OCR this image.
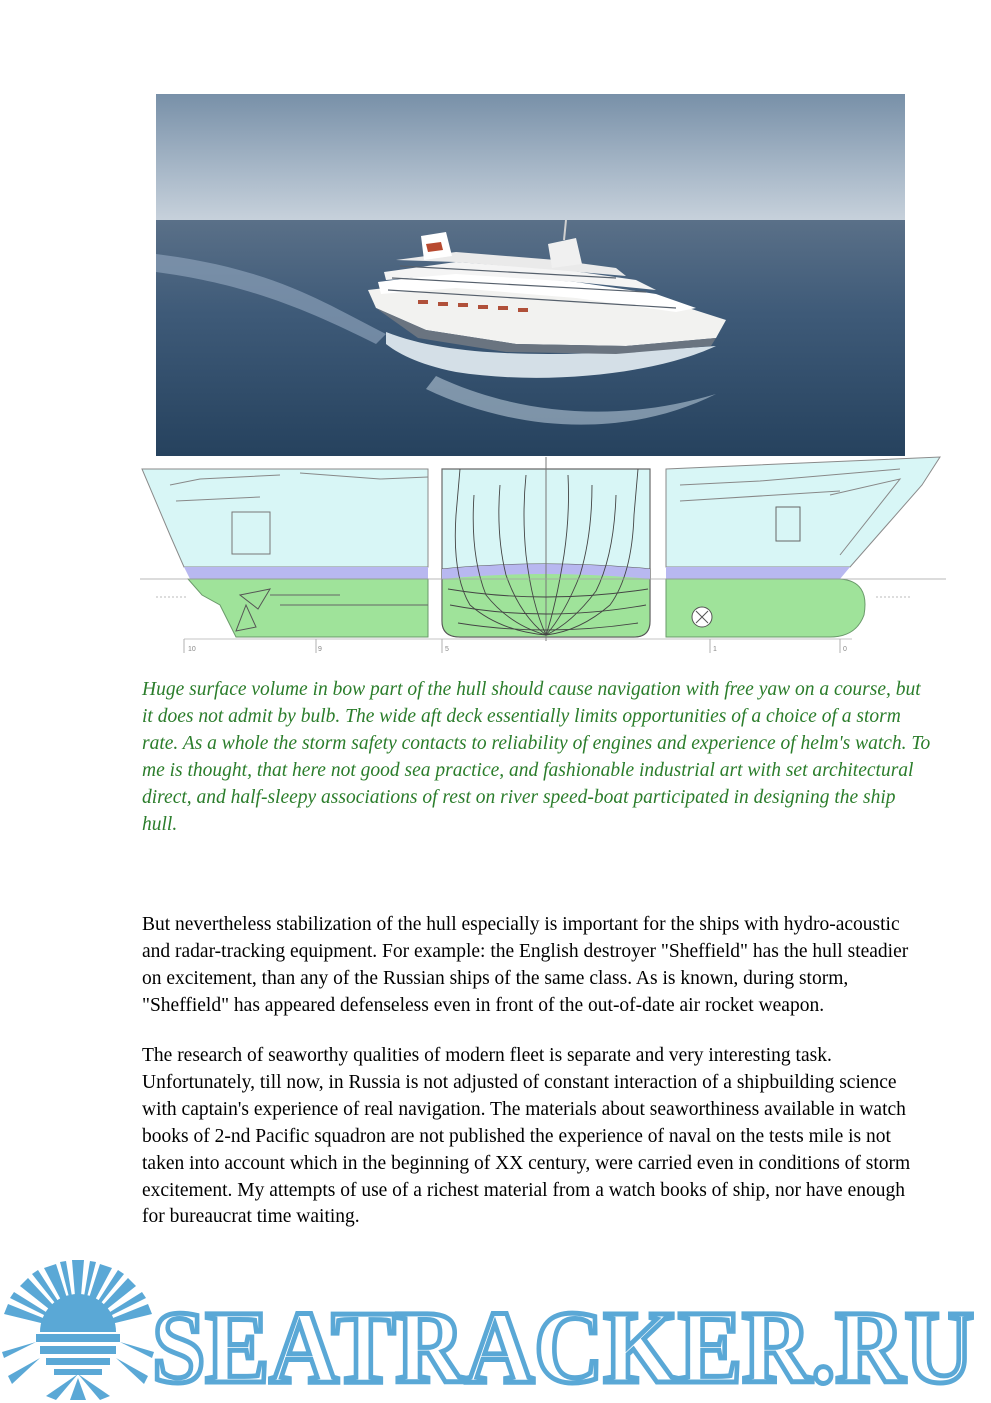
10	9	5	1	0

Huge surface volume in bow part of the hull should cause navigation with free yaw on a course, but it does not admit by bulb. The wide aft deck essentially limits opportunities of a choice of a storm rate. As a whole the storm safety contacts to reliability of engines and experience of helm's watch. To me is thought, that here not good sea practice, and fashionable industrial art with set architectural direct, and half-sleepy associations of rest on river speed-boat participated in designing the ship hull.

But nevertheless stabilization of the hull especially is important for the ships with hydro-acoustic and radar-tracking equipment. For example: the English destroyer "Sheffield" has the hull steadier on excitement, than any of the Russian ships of the same class. As is known, during storm, "Sheffield" has appeared defenseless even in front of the out-of-date air rocket weapon.

The research of seaworthy qualities of modern fleet is separate and very interesting task. Unfortunately, till now, in Russia is not adjusted of constant interaction of a shipbuilding science with captain's experience of real navigation. The materials about seaworthiness available in watch books of 2-nd Pacific squadron are not published the experience of naval on the tests mile is not taken into account which in the beginning of XX century, were carried even in conditions of storm excitement. My attempts of use of a richest material from a watch books of ship, nor have enough for bureaucrat time waiting.

SEATRACKER.RU
